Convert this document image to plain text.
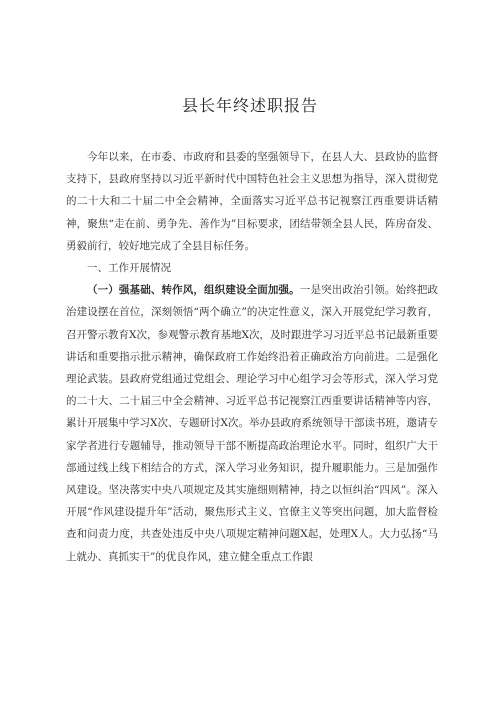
县长年终述职报告

今年以来，在市委、市政府和县委的坚强领导下，在县人大、县政协的监督支持下，县政府坚持以习近平新时代中国特色社会主义思想为指导，深入贯彻党的二十大和二十届二中全会精神，全面落实习近平总书记视察江西重要讲话精神，聚焦“走在前、勇争先、善作为”目标要求，团结带领全县人民，阵房奋发、勇毅前行，较好地完成了全县目标任务。

一、工作开展情况

（一）强基础、转作风，组织建设全面加强。一是突出政治引领。始终把政治建设摆在首位，深刻领悟“两个确立”的决定性意义，深入开展党纪学习教育，召开警示教育X次，参观警示教育基地X次，及时跟进学习习近平总书记最新重要讲话和重要指示批示精神，确保政府工作始终沿着正确政治方向前进。二是强化理论武装。县政府党组通过党组会、理论学习中心组学习会等形式，深入学习党的二十大、二十届三中全会精神、习近平总书记视察江西重要讲话精神等内容，累计开展集中学习X次、专题研讨X次。举办县政府系统领导干部读书班，邀请专家学者进行专题辅导，推动领导干部不断提高政治理论水平。同时，组织广大干部通过线上线下相结合的方式，深入学习业务知识，提升履职能力。三是加强作风建设。坚决落实中央八项规定及其实施细则精神，持之以恒纠治“四风”。深入开展“作风建设提升年”活动，聚焦形式主义、官僚主义等突出问题，加大监督检查和问责力度，共查处违反中央八项规定精神问题X起，处理X人。大力弘扬“马上就办、真抓实干”的优良作风，建立健全重点工作跟
